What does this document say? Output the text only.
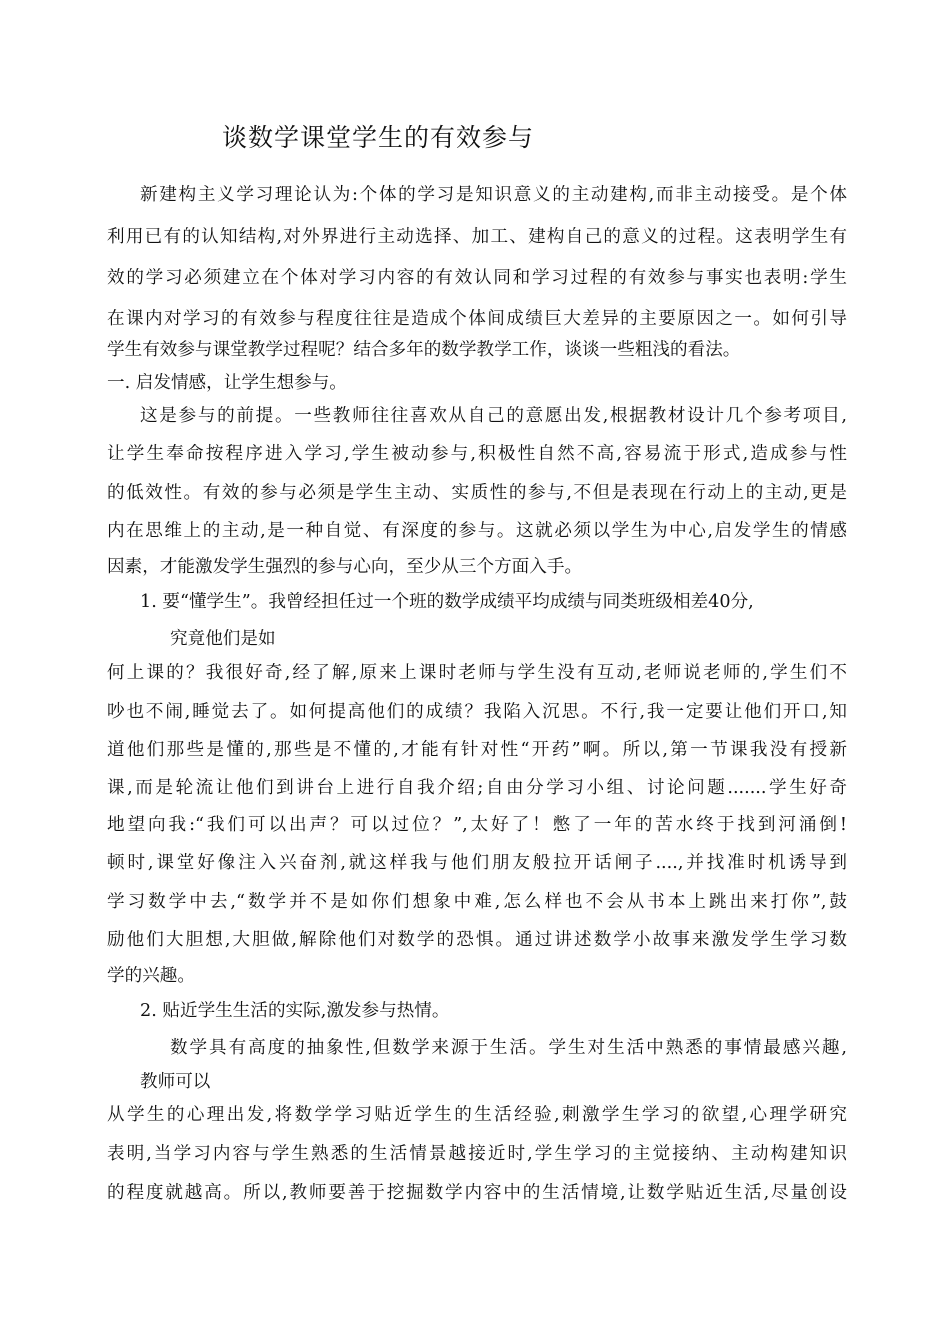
谈数学课堂学生的有效参与
新建构主义学习理论认为:个体的学习是知识意义的主动建构,而非主动接受。是个体
利用已有的认知结构,对外界进行主动选择、加工、建构自己的意义的过程。这表明学生有
效的学习必须建立在个体对学习内容的有效认同和学习过程的有效参与事实也表明:学生
在课内对学习的有效参与程度往往是造成个体间成绩巨大差异的主要原因之一。如何引导
学生有效参与课堂教学过程呢？结合多年的数学教学工作，谈谈一些粗浅的看法。
一. 启发情感，让学生想参与。
这是参与的前提。一些教师往往喜欢从自己的意愿出发,根据教材设计几个参考项目,
让学生奉命按程序进入学习,学生被动参与,积极性自然不高,容易流于形式,造成参与性
的低效性。有效的参与必须是学生主动、实质性的参与,不但是表现在行动上的主动,更是
内在思维上的主动,是一种自觉、有深度的参与。这就必须以学生为中心,启发学生的情感
因素，才能激发学生强烈的参与心向，至少从三个方面入手。
1. 要“懂学生”。我曾经担任过一个班的数学成绩平均成绩与同类班级相差40分,
究竟他们是如
何上课的？我很好奇,经了解,原来上课时老师与学生没有互动,老师说老师的,学生们不
吵也不闹,睡觉去了。如何提高他们的成绩？我陷入沉思。不行,我一定要让他们开口,知
道他们那些是懂的,那些是不懂的,才能有针对性“开药”啊。所以,第一节课我没有授新
课,而是轮流让他们到讲台上进行自我介绍;自由分学习小组、讨论问题.......学生好奇
地望向我:“我们可以出声？可以过位？”,太好了！憋了一年的苦水终于找到河涌倒!
顿时,课堂好像注入兴奋剂,就这样我与他们朋友般拉开话闸子....,并找准时机诱导到
学习数学中去,“数学并不是如你们想象中难,怎么样也不会从书本上跳出来打你”,鼓
励他们大胆想,大胆做,解除他们对数学的恐惧。通过讲述数学小故事来激发学生学习数
学的兴趣。
2. 贴近学生生活的实际,激发参与热情。
数学具有高度的抽象性,但数学来源于生活。学生对生活中熟悉的事情最感兴趣,
教师可以
从学生的心理出发,将数学学习贴近学生的生活经验,刺激学生学习的欲望,心理学研究
表明,当学习内容与学生熟悉的生活情景越接近时,学生学习的主觉接纳、主动构建知识
的程度就越高。所以,教师要善于挖掘数学内容中的生活情境,让数学贴近生活,尽量创设
